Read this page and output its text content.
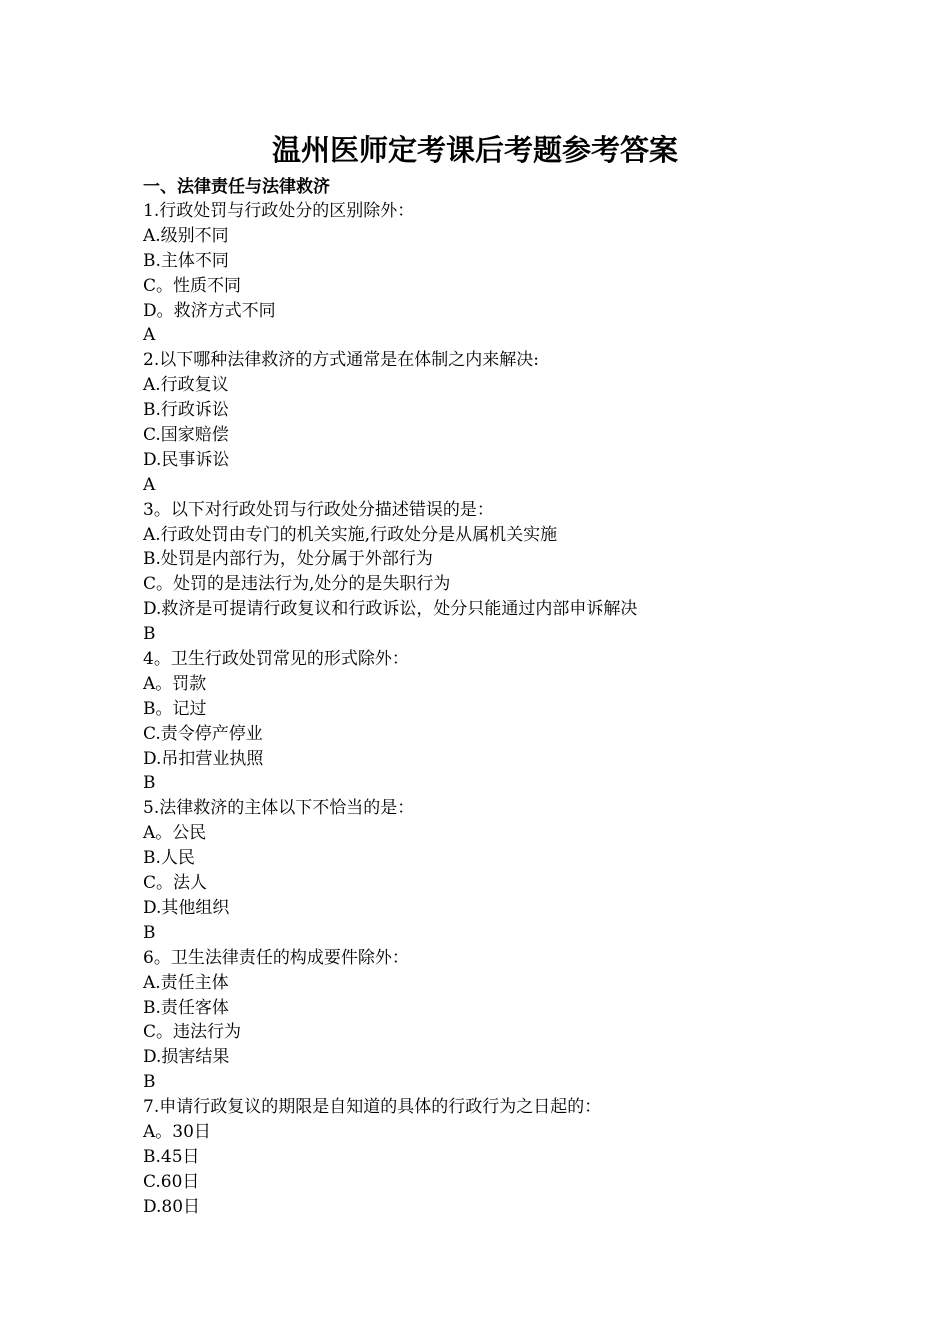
温州医师定考课后考题参考答案
一、法律责任与法律救济
1.行政处罚与行政处分的区别除外：
A.级别不同
B.主体不同
C。性质不同
D。救济方式不同
A
2.以下哪种法律救济的方式通常是在体制之内来解决:
A.行政复议
B.行政诉讼
C.国家赔偿
D.民事诉讼
A
3。以下对行政处罚与行政处分描述错误的是：
A.行政处罚由专门的机关实施,行政处分是从属机关实施
B.处罚是内部行为，处分属于外部行为
C。处罚的是违法行为,处分的是失职行为
D.救济是可提请行政复议和行政诉讼，处分只能通过内部申诉解决
B
4。卫生行政处罚常见的形式除外：
A。罚款
B。记过
C.责令停产停业
D.吊扣营业执照
B
5.法律救济的主体以下不恰当的是：
A。公民
B.人民
C。法人
D.其他组织
B
6。卫生法律责任的构成要件除外：
A.责任主体
B.责任客体
C。违法行为
D.损害结果
B
7.申请行政复议的期限是自知道的具体的行政行为之日起的：
A。30日
B.45日
C.60日
D.80日
